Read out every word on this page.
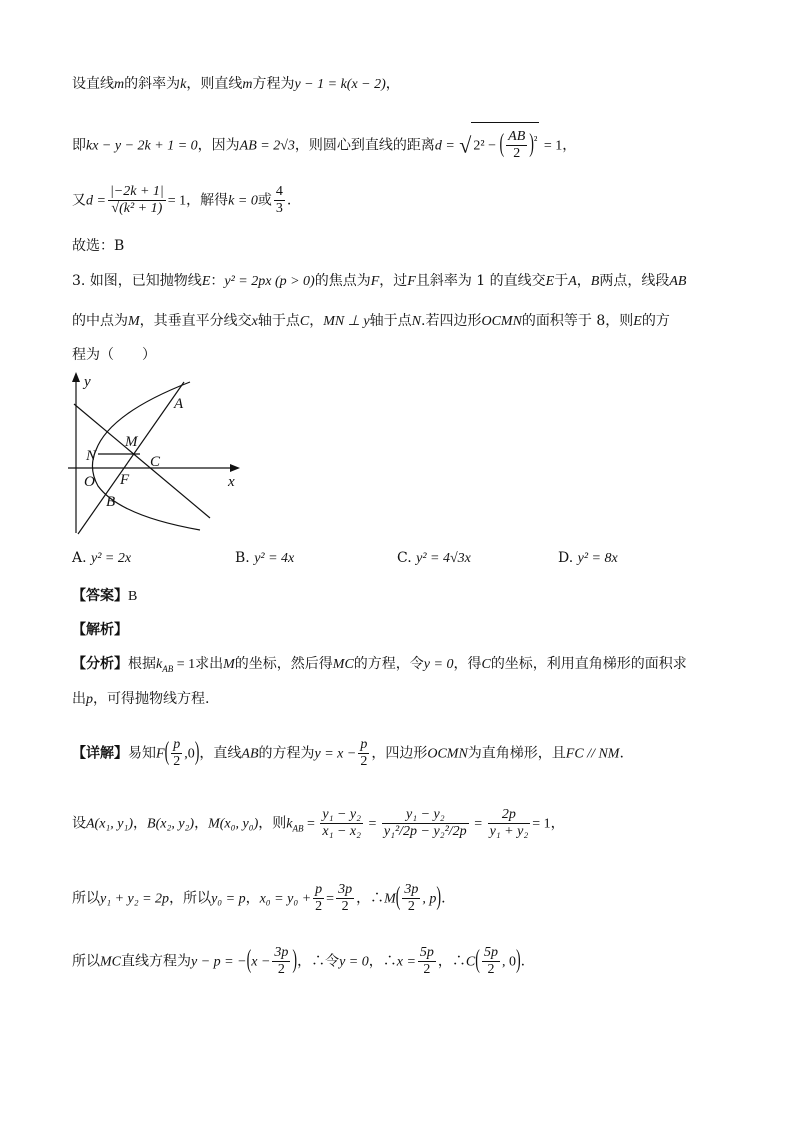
设直线m的斜率为k，则直线m方程为y − 1 = k(x − 2)，
即kx − y − 2k + 1 = 0，因为AB = 2√3，则圆心到直线的距离d = √ 2² − ( $\frac{AB}{2} )^{^2} = 1$，
又$d = \frac{|-2k + 1|}{\text{√(k² + 1)}} = 1$，解得k = 0或 $\frac{4}{3}$ .
故选：B
3. 如图，已知抛物线E：y² = 2px (p > 0)的焦点为F，过F且斜率为 1 的直线交E于A，B两点，线段AB
的中点为M，其垂直平分线交x轴于点C，MN ⊥ y轴于点N.若四边形OCMN的面积等于 8，则E的方
程为（　　）
y
A
M
N	C
O F
B
x
A. y² = 2x	B. y² = 4x	C. y² = 4√3x	D. y² = 8x
【答案】B
【解析】
【分析】根据$k_{AB} = 1$求出M的坐标，然后得MC的方程，令y = 0，得C的坐标，利用直角梯形的面积求
出p，可得抛物线方程.
【详解】易知$F( \frac{p}{2} ,0)$，直线AB的方程为$y = x - \frac{p}{2}$ ，四边形OCMN为直角梯形，且FC // NM.
设A(x₁, y₁)，B(x₂, y₂)，M(x₀, y₀)，则$k_{AB} = \frac{\text{y₁ − y₂}}{\text{x₁ − x₂}} = \frac{\text{y₁ − y₂}}{\text{y₁²/2p − y₂²/2p}} = \frac{2p}{\text{y₁ + y₂}} = 1$，
所以y₁ + y₂ = 2p，所以y₀ = p，$x_0 = y_0 + \frac{p}{2} = \frac{3p}{2}$ ，∴M( $\frac{3p}{2}$ , p).
所以MC直线方程为$y - p = -(x - \frac{3p}{2}$ )，∴令y = 0，∴x = $\frac{5p}{2}$ ，∴C( $\frac{5p}{2}$ , 0).
